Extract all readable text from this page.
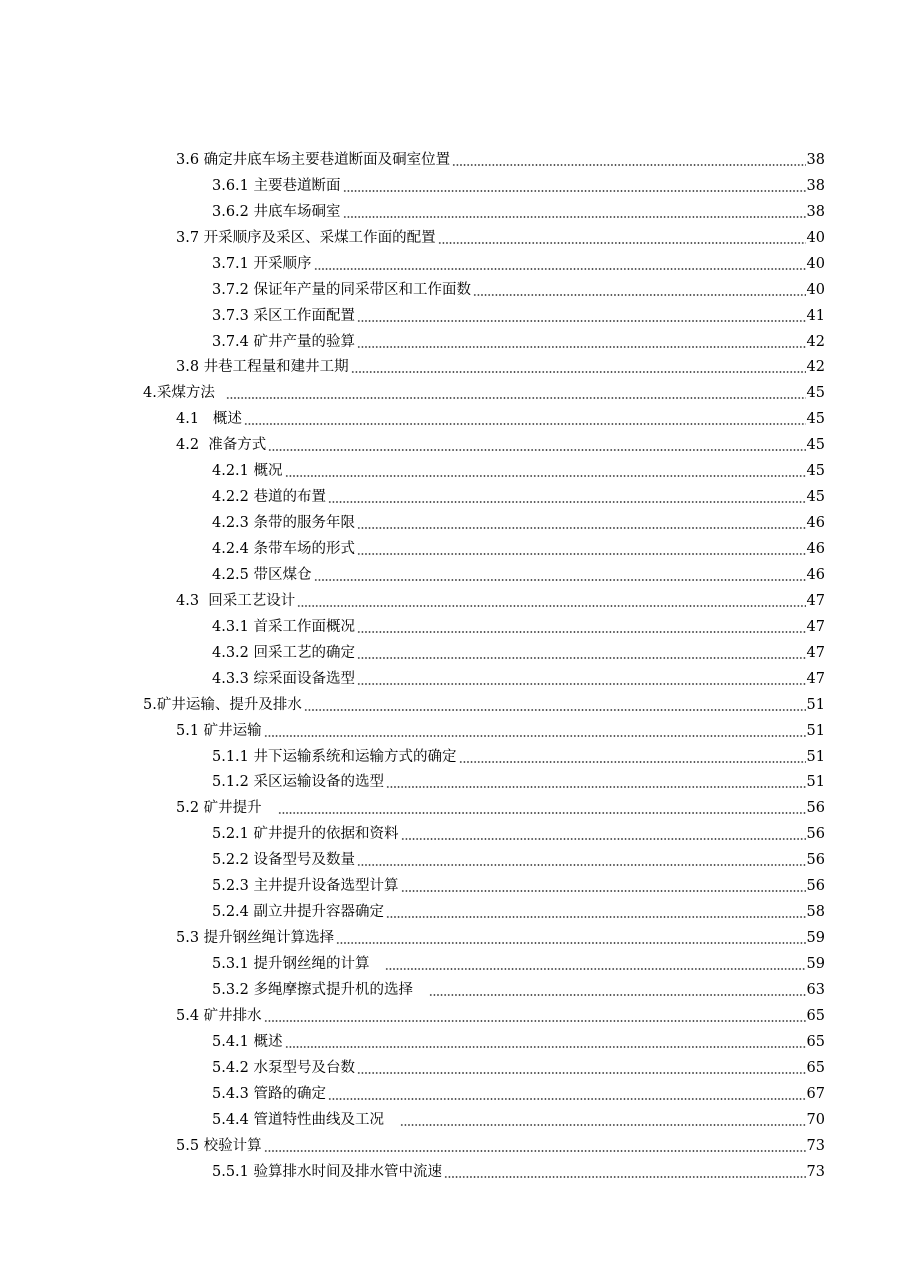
3.6 确定井底车场主要巷道断面及硐室位置	38
3.6.1 主要巷道断面	38
3.6.2 井底车场硐室	38
3.7 开采顺序及采区、采煤工作面的配置	40
3.7.1 开采顺序	40
3.7.2 保证年产量的同采带区和工作面数	40
3.7.3 采区工作面配置	41
3.7.4 矿井产量的验算	42
3.8 井巷工程量和建井工期	42
4. 采煤方法	45
4.1 概述	45
4.2 准备方式	45
4.2.1 概况	45
4.2.2 巷道的布置	45
4.2.3 条带的服务年限	46
4.2.4 条带车场的形式	46
4.2.5 带区煤仓	46
4.3 回采工艺设计	47
4.3.1 首采工作面概况	47
4.3.2 回采工艺的确定	47
4.3.3 综采面设备选型	47
5. 矿井运输、提升及排水	51
5.1 矿井运输	51
5.1.1 井下运输系统和运输方式的确定	51
5.1.2 采区运输设备的选型	51
5.2 矿井提升	56
5.2.1 矿井提升的依据和资料	56
5.2.2 设备型号及数量	56
5.2.3 主井提升设备选型计算	56
5.2.4 副立井提升容器确定	58
5.3 提升钢丝绳计算选择	59
5.3.1 提升钢丝绳的计算	59
5.3.2 多绳摩擦式提升机的选择	63
5.4 矿井排水	65
5.4.1 概述	65
5.4.2 水泵型号及台数	65
5.4.3 管路的确定	67
5.4.4 管道特性曲线及工况	70
5.5 校验计算	73
5.5.1 验算排水时间及排水管中流速	73
